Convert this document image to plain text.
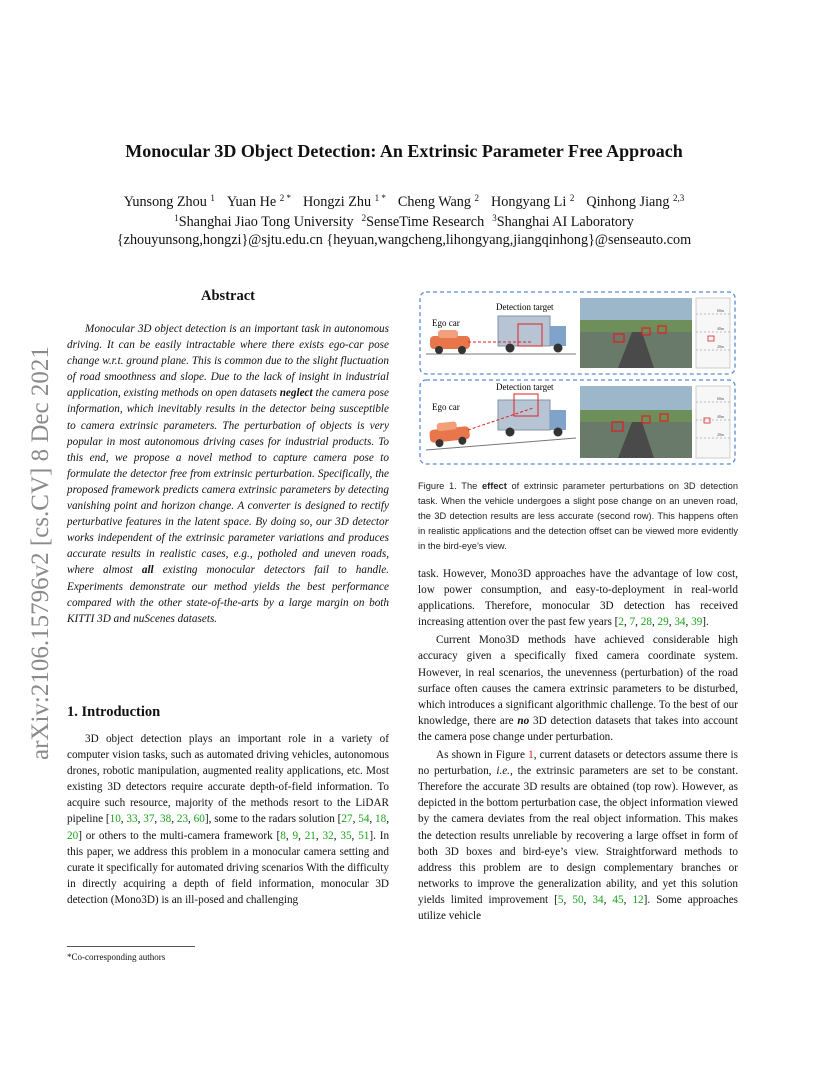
arXiv:2106.15796v2 [cs.CV] 8 Dec 2021
Monocular 3D Object Detection: An Extrinsic Parameter Free Approach
Yunsong Zhou $^1$ Yuan He $^{2 *}$ Hongzi Zhu $^{1 *}$ Cheng Wang $^2$ Hongyang Li $^2$ Qinhong Jiang $^{2,3}$
$^1$Shanghai Jiao Tong University $^2$SenseTime Research $^3$Shanghai AI Laboratory
{zhouyunsong,hongzi}@sjtu.edu.cn {heyuan,wangcheng,lihongyang,jiangqinhong}@senseauto.com
Abstract

Monocular 3D object detection is an important task in autonomous driving. It can be easily intractable where there exists ego-car pose change w.r.t. ground plane. This is common due to the slight fluctuation of road smoothness and slope. Due to the lack of insight in industrial application, existing methods on open datasets neglect the camera pose information, which inevitably results in the detector being susceptible to camera extrinsic parameters. The perturbation of objects is very popular in most autonomous driving cases for industrial products. To this end, we propose a novel method to capture camera pose to formulate the detector free from extrinsic perturbation. Specifically, the proposed framework predicts camera extrinsic parameters by detecting vanishing point and horizon change. A converter is designed to rectify perturbative features in the latent space. By doing so, our 3D detector works independent of the extrinsic parameter variations and produces accurate results in realistic cases, e.g., potholed and uneven roads, where almost all existing monocular detectors fail to handle. Experiments demonstrate our method yields the best performance compared with the other state-of-the-arts by a large margin on both KITTI 3D and nuScenes datasets.

1. Introduction

3D object detection plays an important role in a variety of computer vision tasks, such as automated driving vehicles, autonomous drones, robotic manipulation, augmented reality applications, etc. Most existing 3D detectors require accurate depth-of-field information. To acquire such resource, majority of the methods resort to the LiDAR pipeline [10, 33, 37, 38, 23, 60], some to the radars solution [27, 54, 18, 20] or others to the multi-camera framework [8, 9, 21, 32, 35, 51]. In this paper, we address this problem in a monocular camera setting and curate it specifically for automated driving scenarios With the difficulty in directly acquiring a depth of field information, monocular 3D detection (Mono3D) is an ill-posed and challenging

*Co-corresponding authors
Detection target
Ego car
60m
40m
20m
Detection target
Ego car
60m
40m
20m
Figure 1. The effect of extrinsic parameter perturbations on 3D detection task. When the vehicle undergoes a slight pose change on an uneven road, the 3D detection results are less accurate (second row). This happens often in realistic applications and the detection offset can be viewed more evidently in the bird-eye’s view.

task. However, Mono3D approaches have the advantage of low cost, low power consumption, and easy-to-deployment in real-world applications. Therefore, monocular 3D detection has received increasing attention over the past few years [2, 7, 28, 29, 34, 39].

Current Mono3D methods have achieved considerable high accuracy given a specifically fixed camera coordinate system. However, in real scenarios, the unevenness (perturbation) of the road surface often causes the camera extrinsic parameters to be disturbed, which introduces a significant algorithmic challenge. To the best of our knowledge, there are no 3D detection datasets that takes into account the camera pose change under perturbation.

As shown in Figure 1, current datasets or detectors assume there is no perturbation, i.e., the extrinsic parameters are set to be constant. Therefore the accurate 3D results are obtained (top row). However, as depicted in the bottom perturbation case, the object information viewed by the camera deviates from the real object information. This makes the detection results unreliable by recovering a large offset in form of both 3D boxes and bird-eye’s view. Straightforward methods to address this problem are to design complementary branches or networks to improve the generalization ability, and yet this solution yields limited improvement [5, 50, 34, 45, 12]. Some approaches utilize vehicle
